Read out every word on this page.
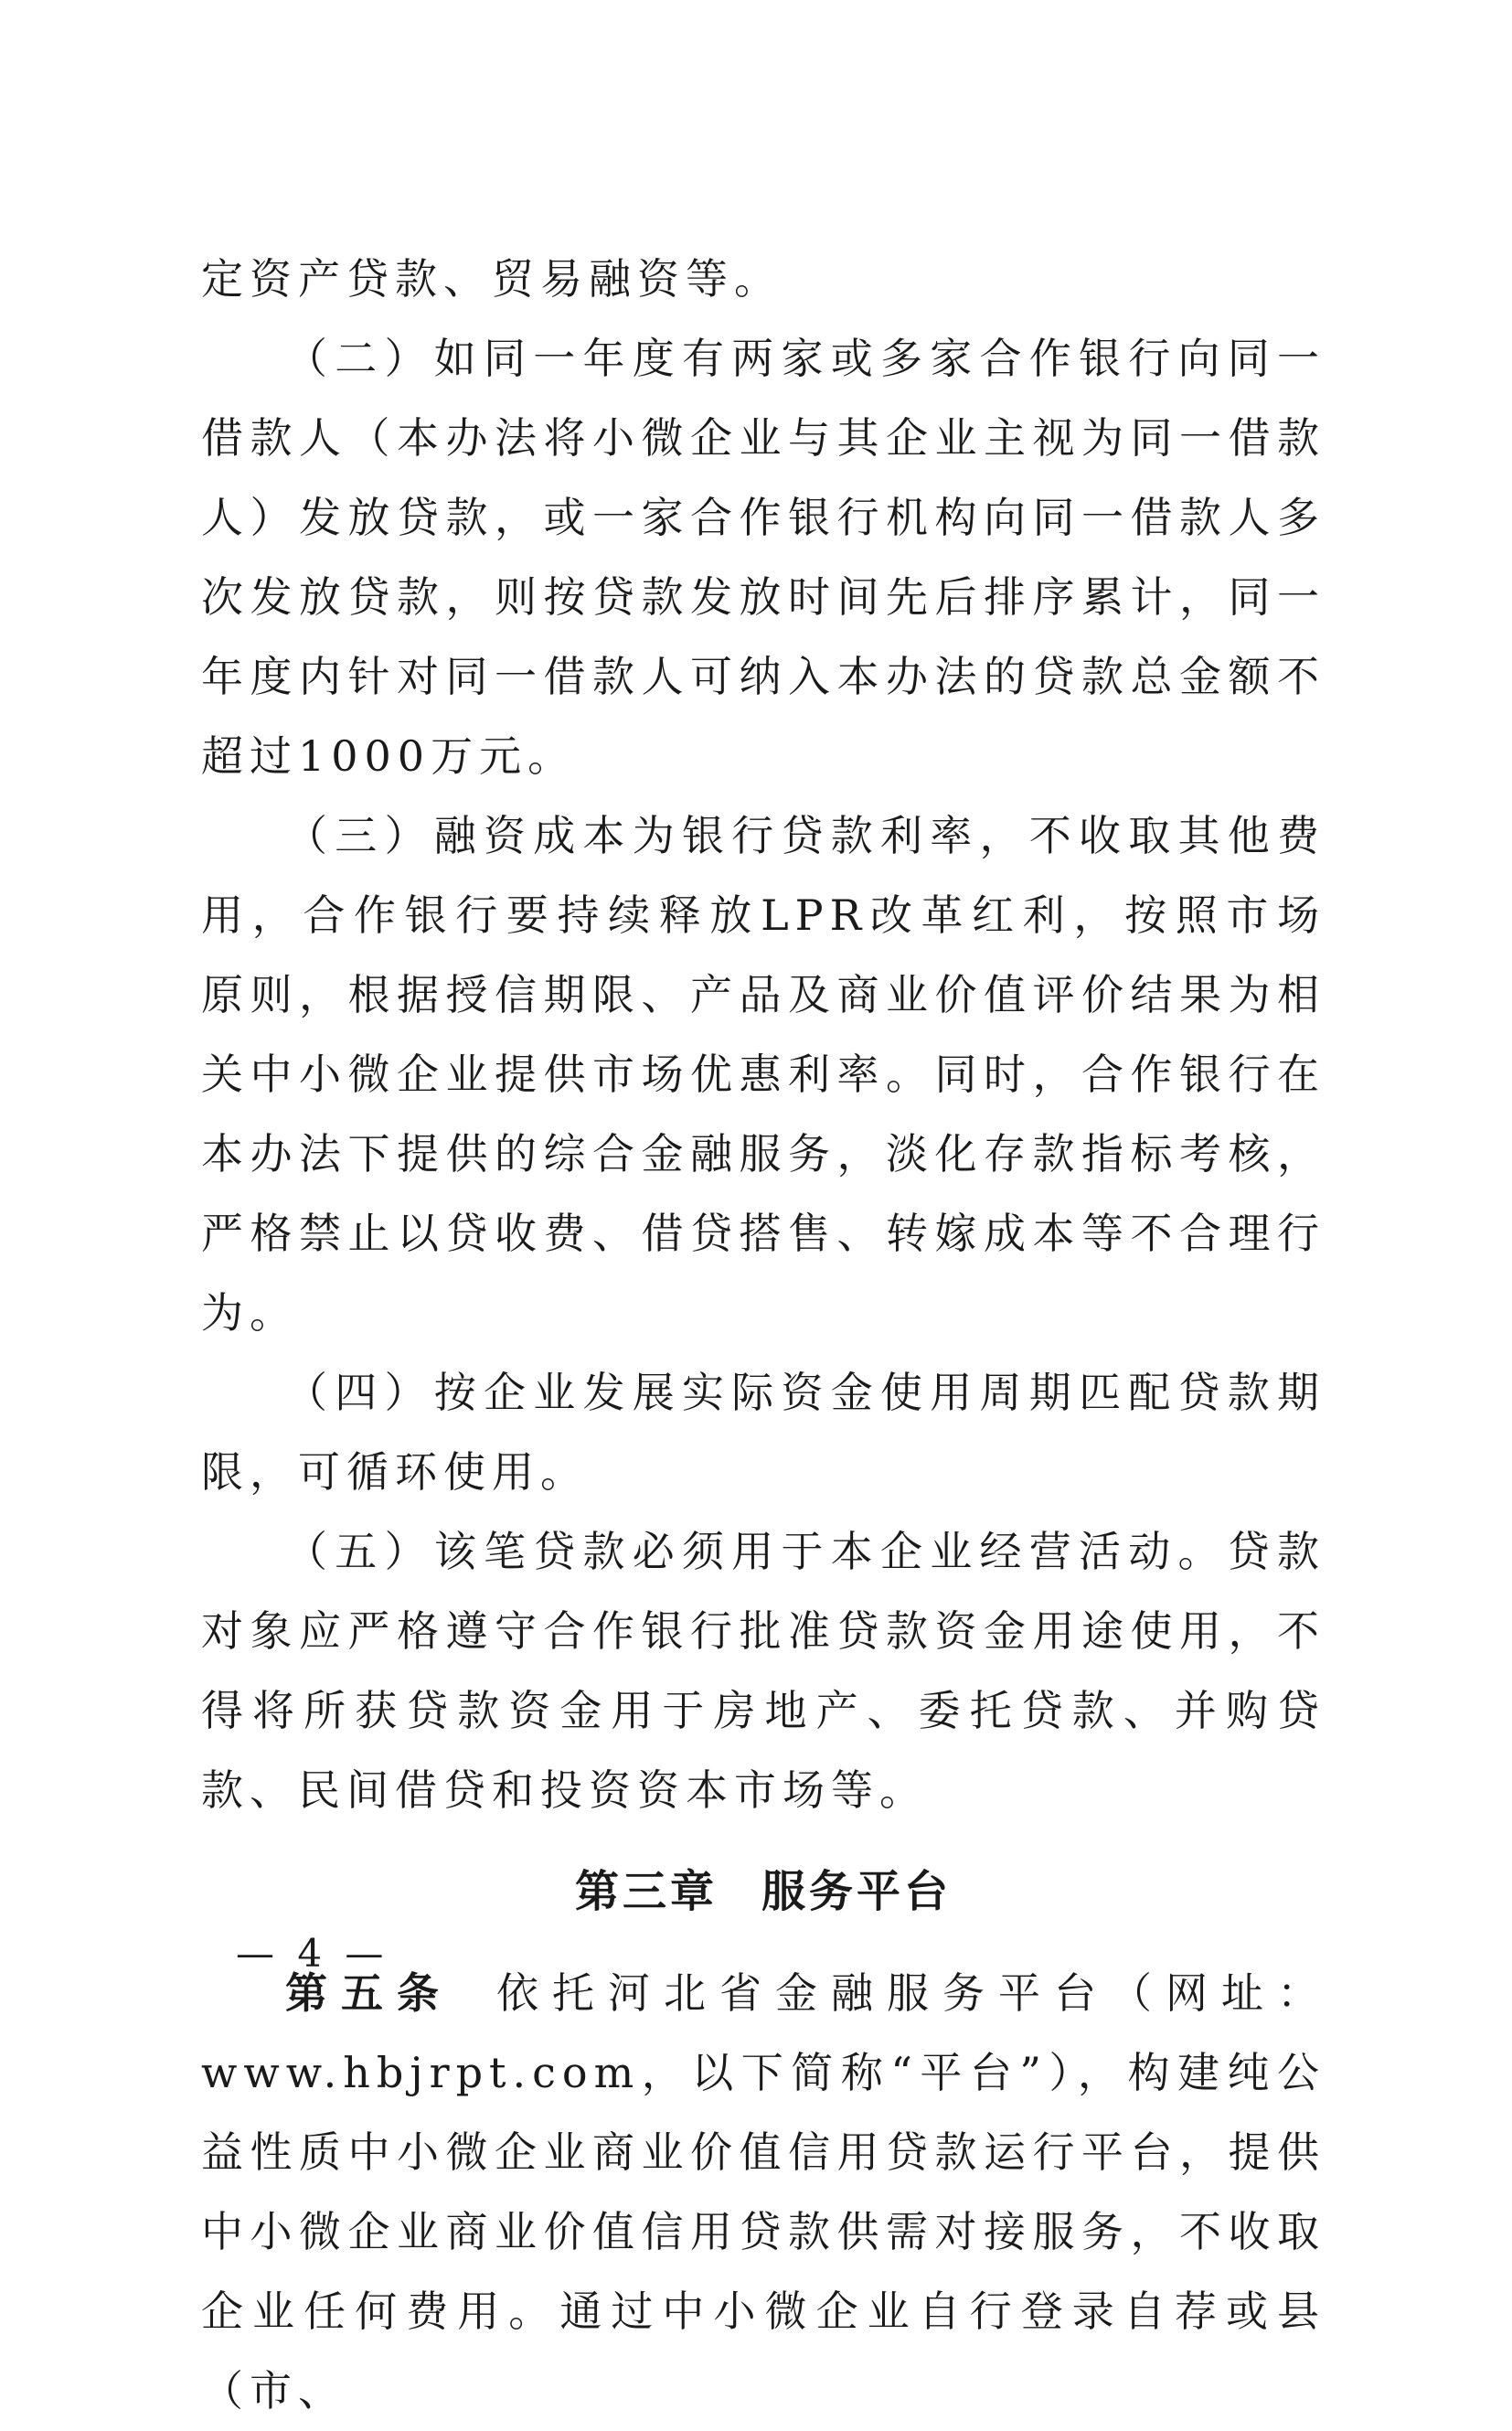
定资产贷款、贸易融资等。

（二）如同一年度有两家或多家合作银行向同一借款人（本办法将小微企业与其企业主视为同一借款人）发放贷款，或一家合作银行机构向同一借款人多次发放贷款，则按贷款发放时间先后排序累计，同一年度内针对同一借款人可纳入本办法的贷款总金额不超过1000万元。

（三）融资成本为银行贷款利率，不收取其他费用，合作银行要持续释放LPR改革红利，按照市场原则，根据授信期限、产品及商业价值评价结果为相关中小微企业提供市场优惠利率。同时，合作银行在本办法下提供的综合金融服务，淡化存款指标考核，严格禁止以贷收费、借贷搭售、转嫁成本等不合理行为。

（四）按企业发展实际资金使用周期匹配贷款期限，可循环使用。

（五）该笔贷款必须用于本企业经营活动。贷款对象应严格遵守合作银行批准贷款资金用途使用，不得将所获贷款资金用于房地产、委托贷款、并购贷款、民间借贷和投资资本市场等。

第三章 服务平台

第五条 依托河北省金融服务平台（网址：www.hbjrpt.com，以下简称“平台”），构建纯公益性质中小微企业商业价值信用贷款运行平台，提供中小微企业商业价值信用贷款供需对接服务，不收取企业任何费用。通过中小微企业自行登录自荐或县（市、

— 4 —
